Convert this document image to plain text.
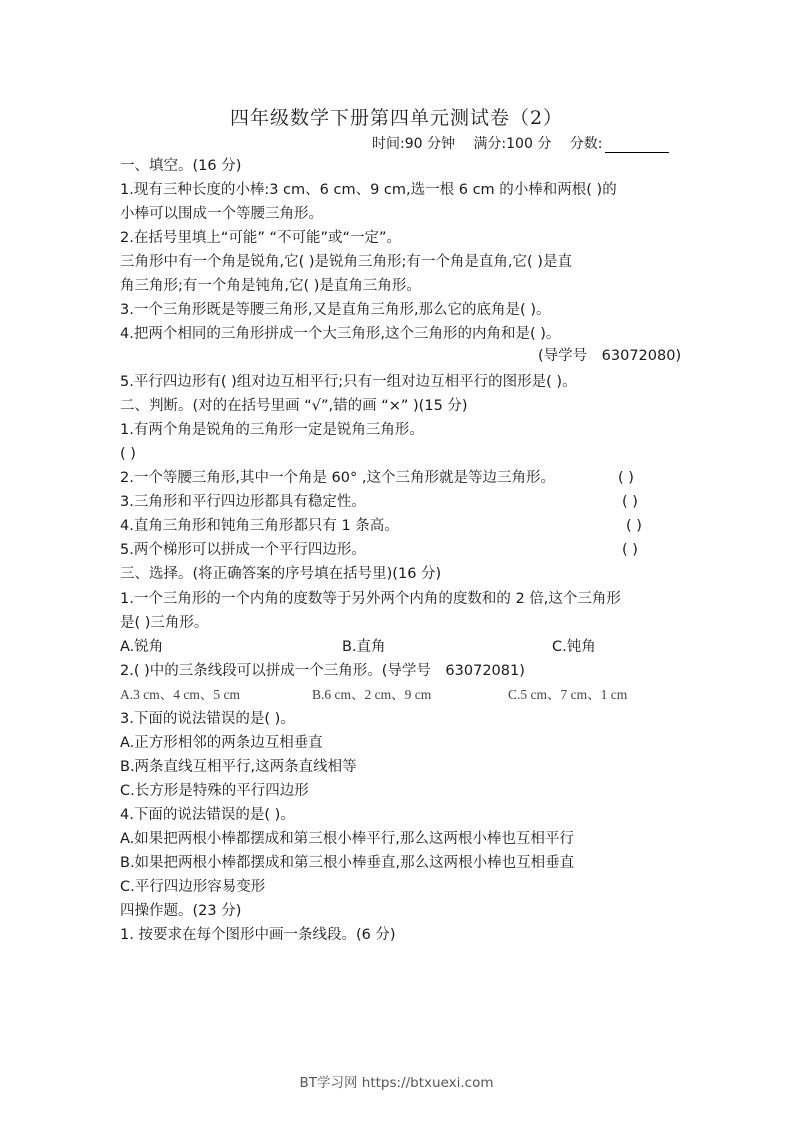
四年级数学下册第四单元测试卷（2）
时间:90 分钟 满分:100 分 分数:
一、填空。(16 分)
1.现有三种长度的小棒:3 cm、6 cm、9 cm,选一根 6 cm 的小棒和两根( )的
小棒可以围成一个等腰三角形。
2.在括号里填上“可能” “不可能”或“一定”。
三角形中有一个角是锐角,它( )是锐角三角形;有一个角是直角,它( )是直
角三角形;有一个角是钝角,它( )是直角三角形。
3.一个三角形既是等腰三角形,又是直角三角形,那么它的底角是( )。
4.把两个相同的三角形拼成一个大三角形,这个三角形的内角和是( )。
(导学号　63072080)
5.平行四边形有( )组对边互相平行;只有一组对边互相平行的图形是( )。
二、判断。(对的在括号里画 “√”,错的画 “×” )(15 分)
1.有两个角是锐角的三角形一定是锐角三角形。
( )
2.一个等腰三角形,其中一个角是 60° ,这个三角形就是等边三角形。	( )
3.三角形和平行四边形都具有稳定性。	( )
4.直角三角形和钝角三角形都只有 1 条高。	( )
5.两个梯形可以拼成一个平行四边形。	( )
三、选择。(将正确答案的序号填在括号里)(16 分)
1.一个三角形的一个内角的度数等于另外两个内角的度数和的 2 倍,这个三角形
是( )三角形。
A.锐角	B.直角	C.钝角
2.( )中的三条线段可以拼成一个三角形。(导学号　63072081)
A.3 cm、4 cm、5 cm	B.6 cm、2 cm、9 cm	C.5 cm、7 cm、1 cm
3.下面的说法错误的是( )。
A.正方形相邻的两条边互相垂直
B.两条直线互相平行,这两条直线相等
C.长方形是特殊的平行四边形
4.下面的说法错误的是( )。
A.如果把两根小棒都摆成和第三根小棒平行,那么这两根小棒也互相平行
B.如果把两根小棒都摆成和第三根小棒垂直,那么这两根小棒也互相垂直
C.平行四边形容易变形
四操作题。(23 分)
1. 按要求在每个图形中画一条线段。(6 分)
BT学习网 https://btxuexi.com
